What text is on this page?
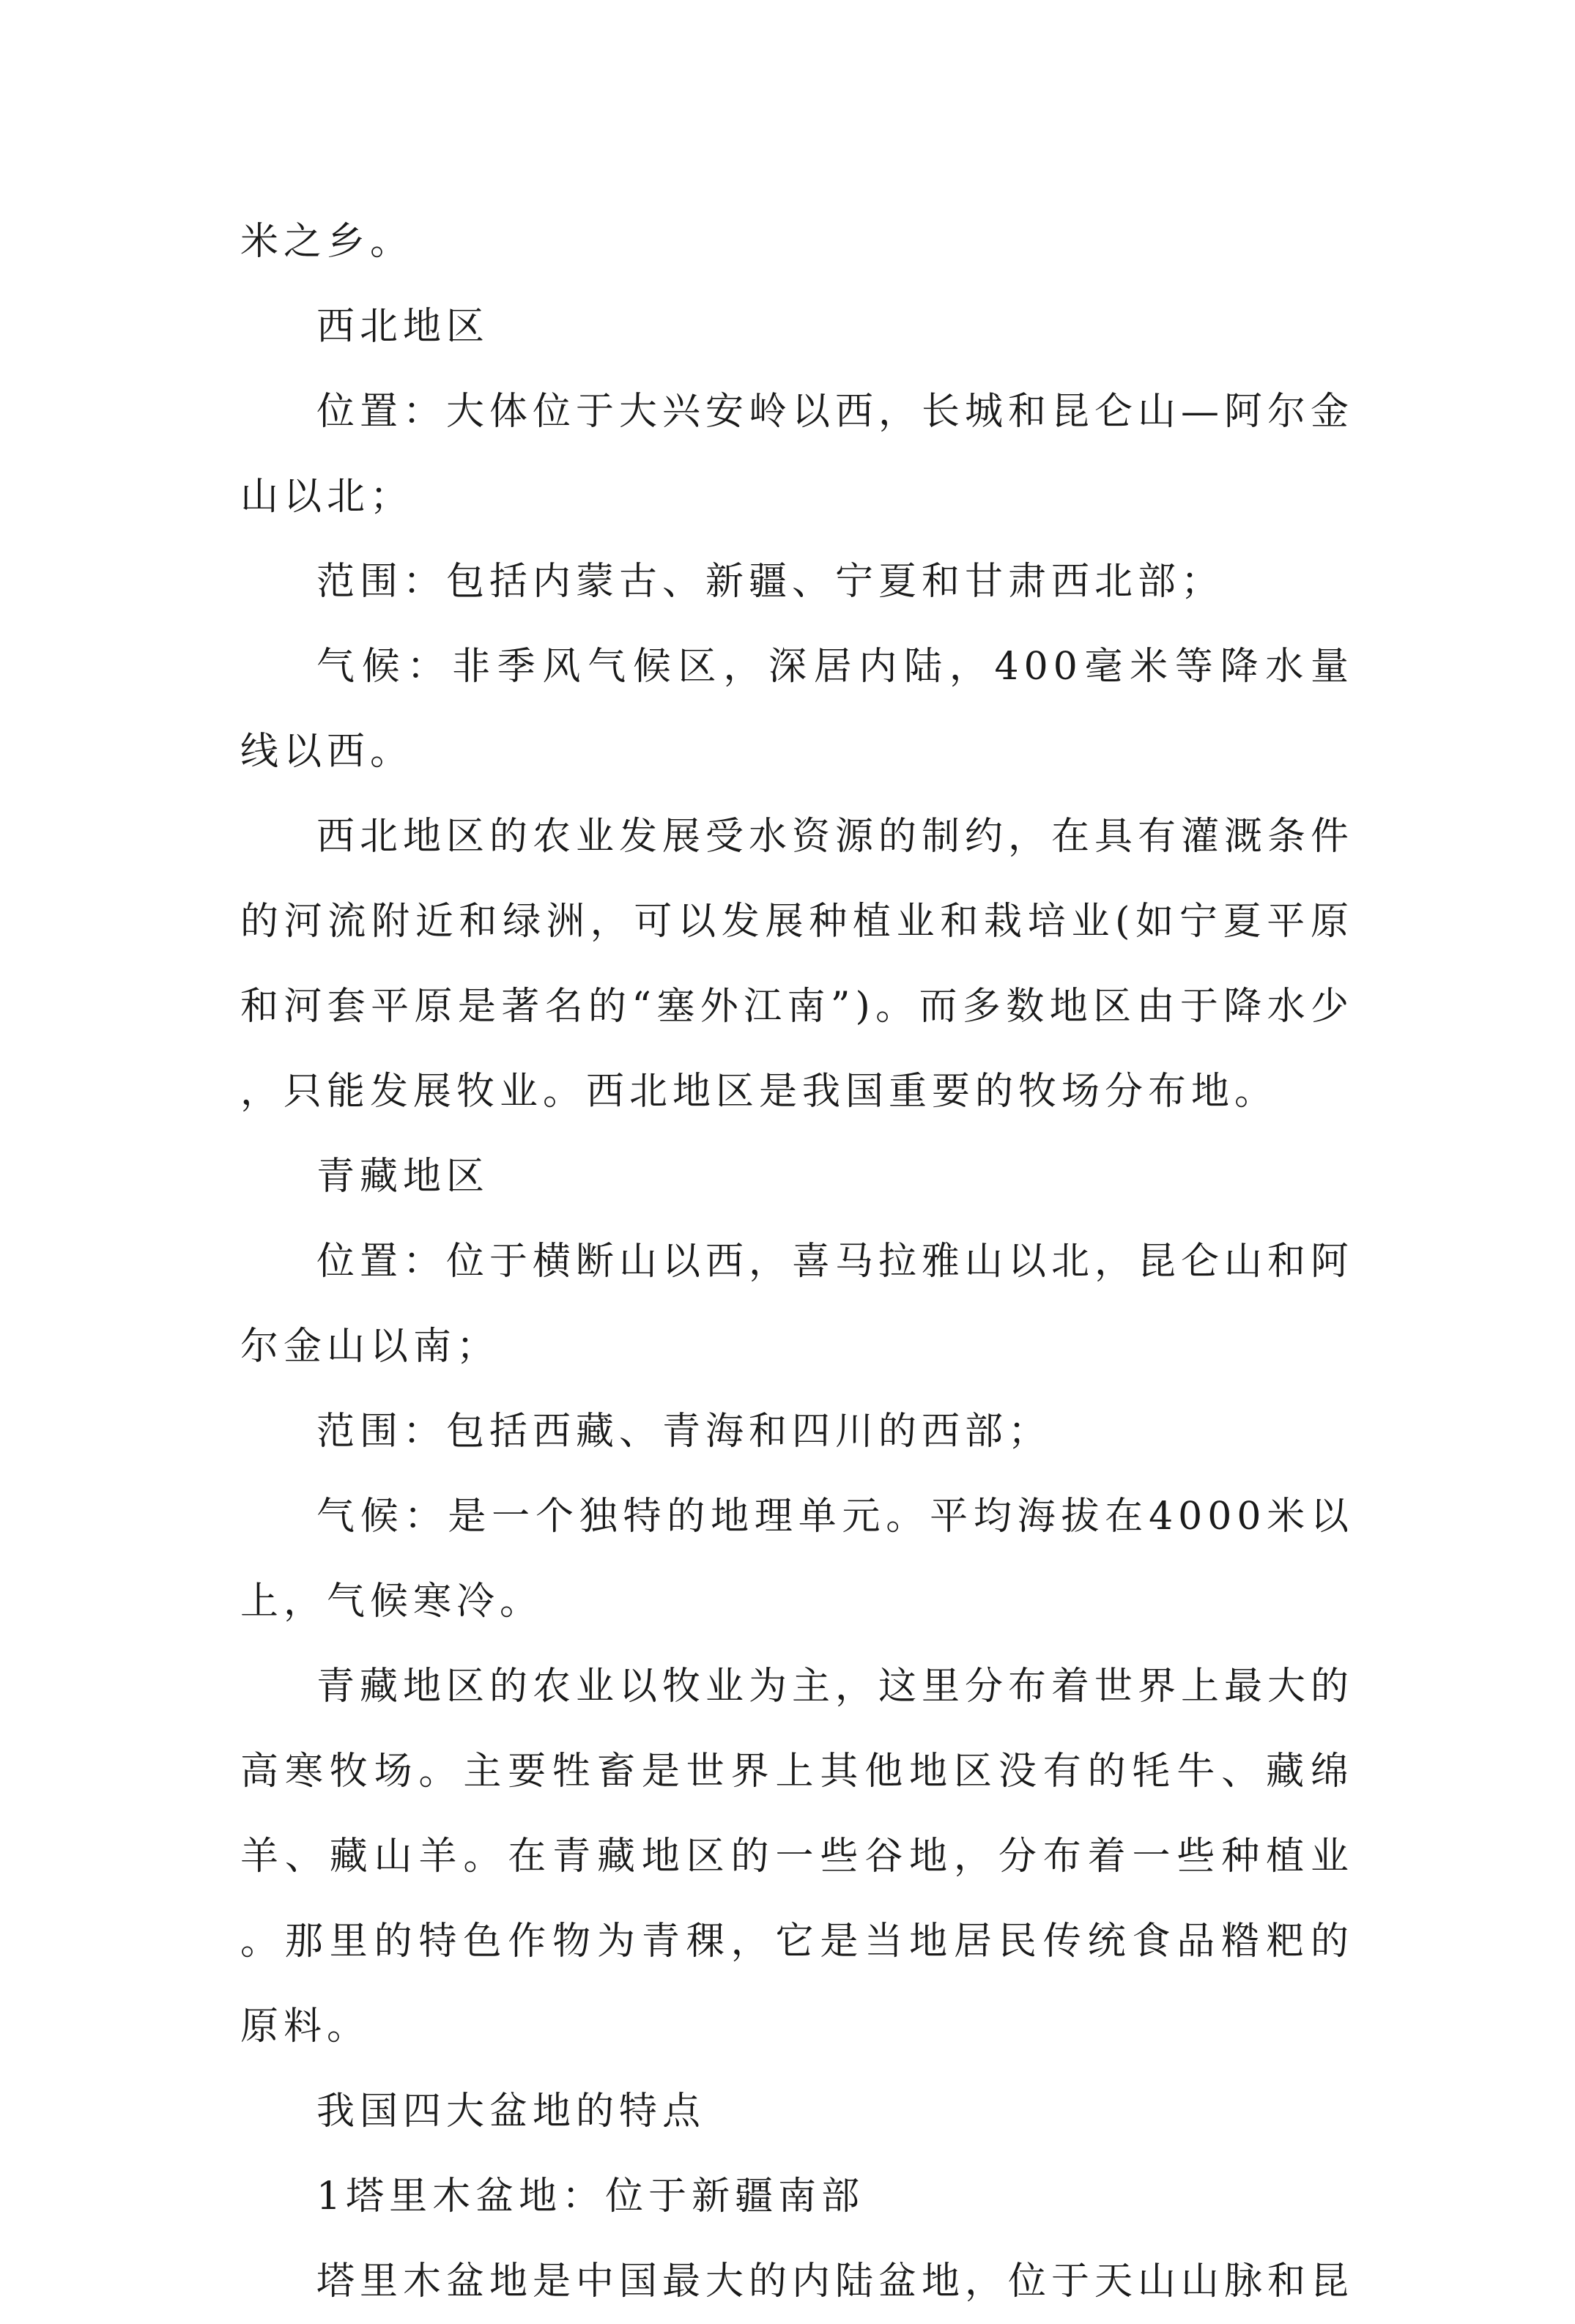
米之乡。

西北地区

位置：大体位于大兴安岭以西，长城和昆仑山—阿尔金山以北；

范围：包括内蒙古、新疆、宁夏和甘肃西北部；

气候：非季风气候区，深居内陆，400毫米等降水量线以西。

西北地区的农业发展受水资源的制约，在具有灌溉条件的河流附近和绿洲，可以发展种植业和栽培业(如宁夏平原和河套平原是著名的“塞外江南”)。而多数地区由于降水少，只能发展牧业。西北地区是我国重要的牧场分布地。

青藏地区

位置：位于横断山以西，喜马拉雅山以北，昆仑山和阿尔金山以南；

范围：包括西藏、青海和四川的西部；

气候：是一个独特的地理单元。平均海拔在4000米以上，气候寒冷。

青藏地区的农业以牧业为主，这里分布着世界上最大的高寒牧场。主要牲畜是世界上其他地区没有的牦牛、藏绵羊、藏山羊。在青藏地区的一些谷地，分布着一些种植业。那里的特色作物为青稞，它是当地居民传统食品糌粑的原料。

我国四大盆地的特点

1塔里木盆地：位于新疆南部

塔里木盆地是中国最大的内陆盆地，位于天山山脉和昆
